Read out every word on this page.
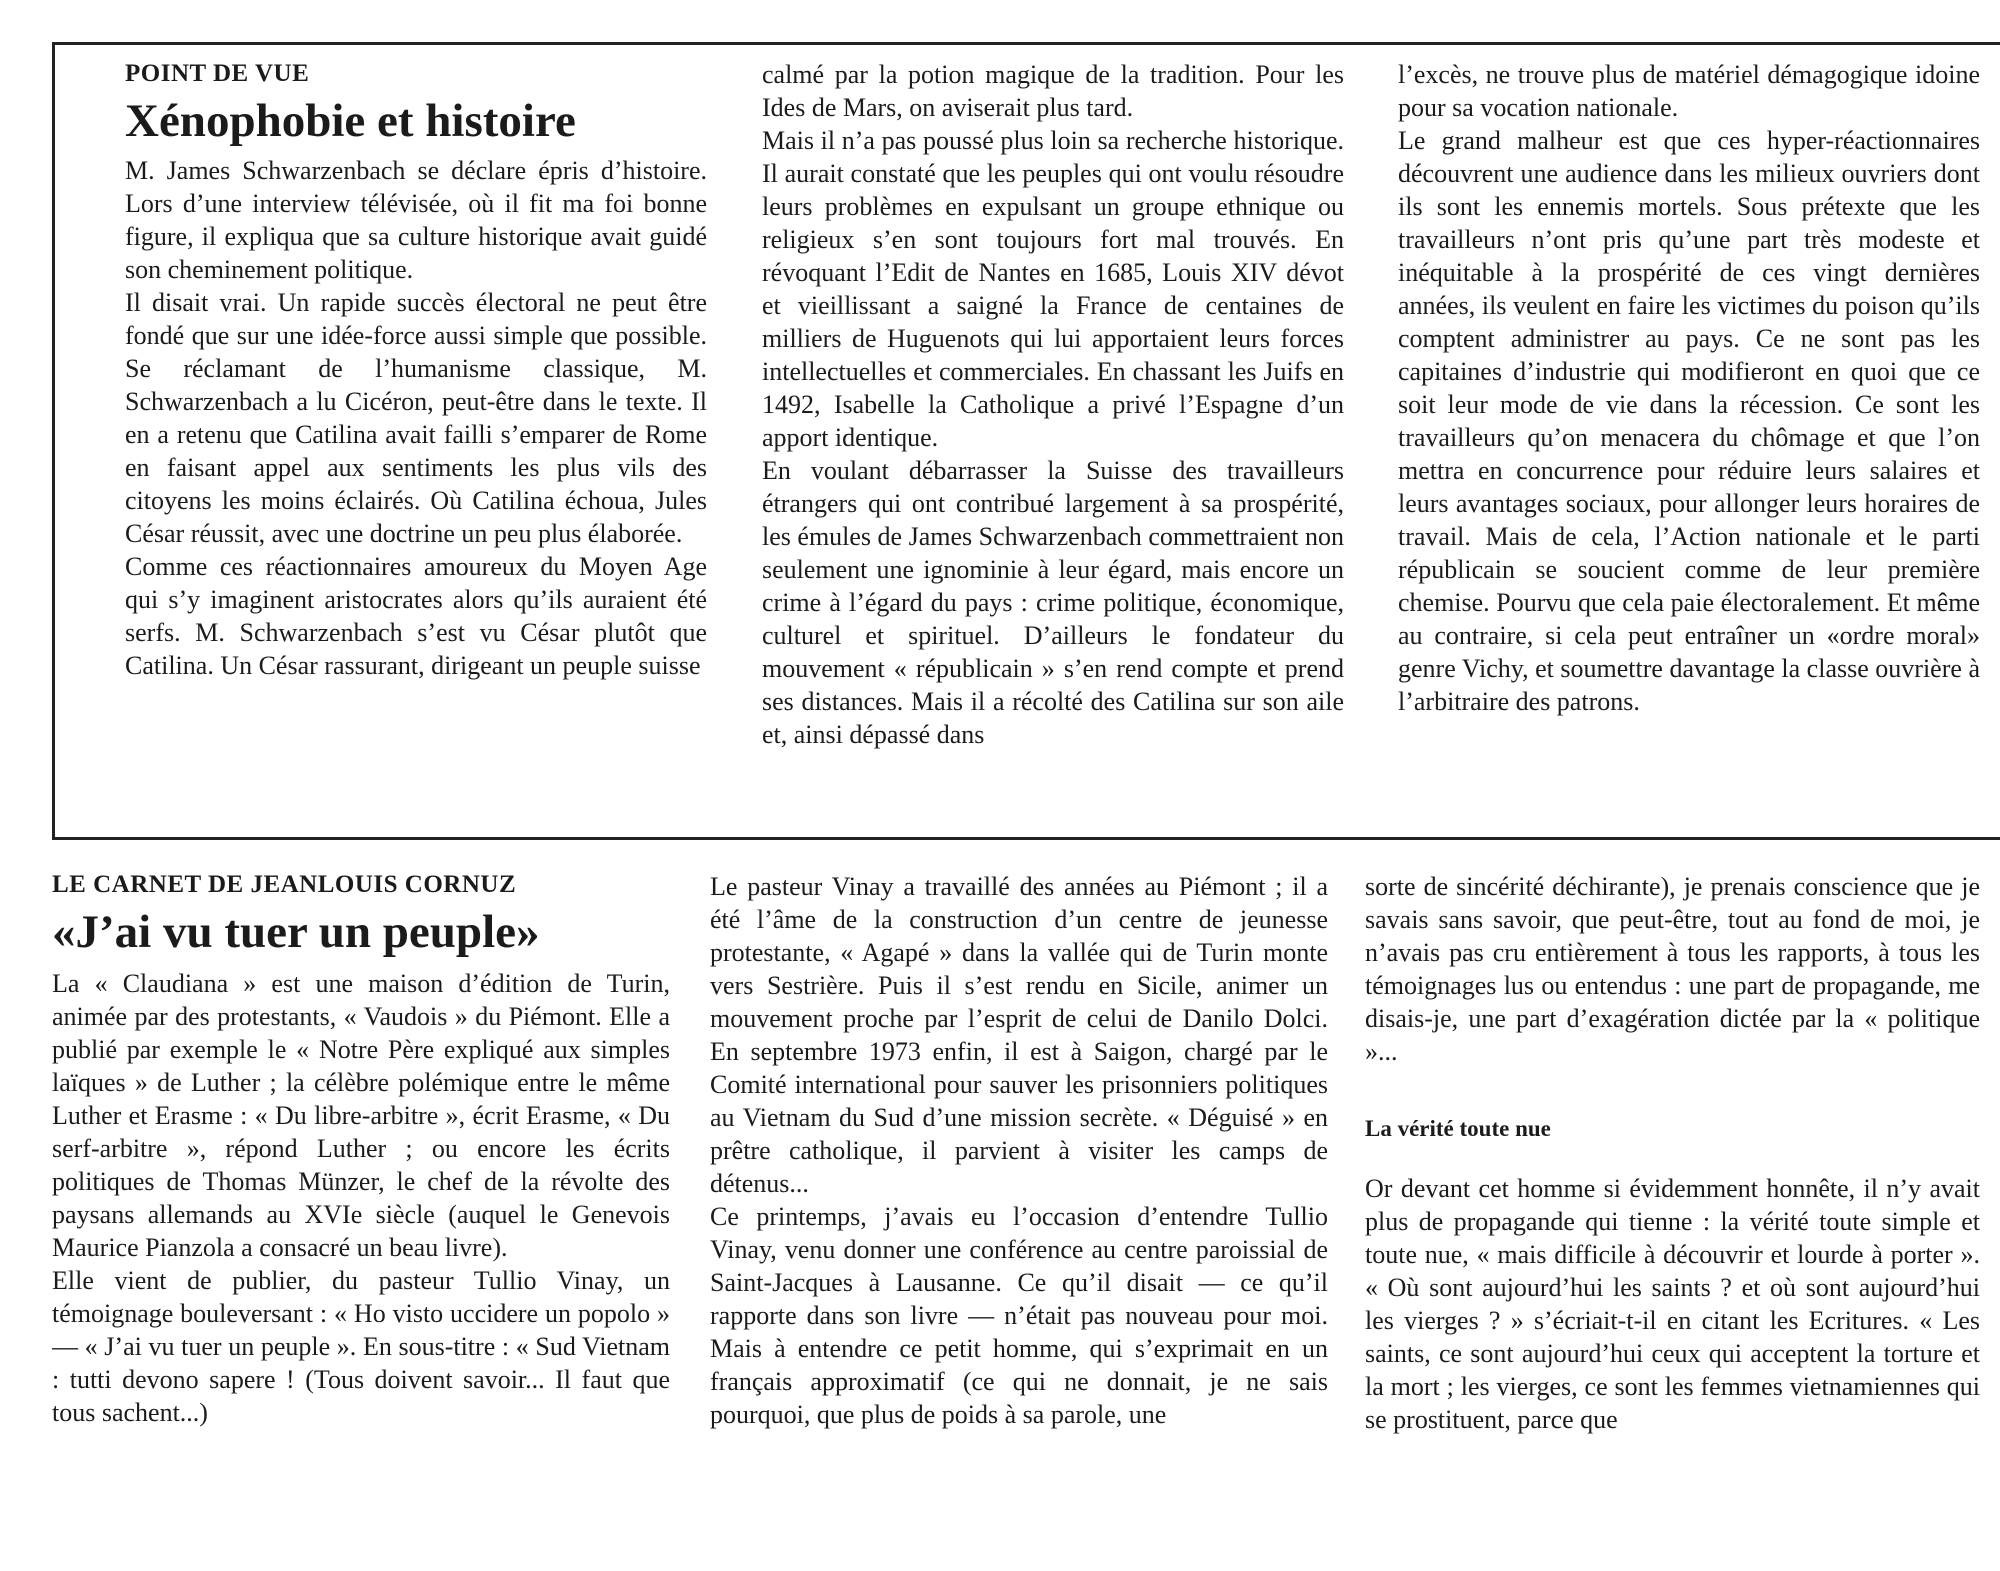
POINT DE VUE
Xénophobie et histoire

M. James Schwarzenbach se déclare épris d’histoire. Lors d’une interview télévisée, où il fit ma foi bonne figure, il expliqua que sa culture historique avait guidé son cheminement politique.

Il disait vrai. Un rapide succès électoral ne peut être fondé que sur une idée-force aussi simple que possible. Se réclamant de l’humanisme classique, M. Schwarzenbach a lu Cicéron, peut-être dans le texte. Il en a retenu que Catilina avait failli s’emparer de Rome en faisant appel aux sentiments les plus vils des citoyens les moins éclairés. Où Catilina échoua, Jules César réussit, avec une doctrine un peu plus élaborée.

Comme ces réactionnaires amoureux du Moyen Age qui s’y imaginent aristocrates alors qu’ils auraient été serfs. M. Schwarzenbach s’est vu César plutôt que Catilina. Un César rassurant, dirigeant un peuple suisse

calmé par la potion magique de la tradition. Pour les Ides de Mars, on aviserait plus tard.

Mais il n’a pas poussé plus loin sa recherche historique. Il aurait constaté que les peuples qui ont voulu résoudre leurs problèmes en expulsant un groupe ethnique ou religieux s’en sont toujours fort mal trouvés. En révoquant l’Edit de Nantes en 1685, Louis XIV dévot et vieillissant a saigné la France de centaines de milliers de Huguenots qui lui apportaient leurs forces intellectuelles et commerciales. En chassant les Juifs en 1492, Isabelle la Catholique a privé l’Espagne d’un apport identique.

En voulant débarrasser la Suisse des travailleurs étrangers qui ont contribué largement à sa prospérité, les émules de James Schwarzenbach commettraient non seulement une ignominie à leur égard, mais encore un crime à l’égard du pays : crime politique, économique, culturel et spirituel. D’ailleurs le fondateur du mouvement « républicain » s’en rend compte et prend ses distances. Mais il a récolté des Catilina sur son aile et, ainsi dépassé dans

l’excès, ne trouve plus de matériel démagogique idoine pour sa vocation nationale.

Le grand malheur est que ces hyper-réactionnaires découvrent une audience dans les milieux ouvriers dont ils sont les ennemis mortels. Sous prétexte que les travailleurs n’ont pris qu’une part très modeste et inéquitable à la prospérité de ces vingt dernières années, ils veulent en faire les victimes du poison qu’ils comptent administrer au pays. Ce ne sont pas les capitaines d’industrie qui modifieront en quoi que ce soit leur mode de vie dans la récession. Ce sont les travailleurs qu’on menacera du chômage et que l’on mettra en concurrence pour réduire leurs salaires et leurs avantages sociaux, pour allonger leurs horaires de travail. Mais de cela, l’Action nationale et le parti républicain se soucient comme de leur première chemise. Pourvu que cela paie électoralement. Et même au contraire, si cela peut entraîner un «ordre moral» genre Vichy, et soumettre davantage la classe ouvrière à l’arbitraire des patrons.

LE CARNET DE JEANLOUIS CORNUZ
«J’ai vu tuer un peuple»

La « Claudiana » est une maison d’édition de Turin, animée par des protestants, « Vaudois » du Piémont. Elle a publié par exemple le « Notre Père expliqué aux simples laïques » de Luther ; la célèbre polémique entre le même Luther et Erasme : « Du libre-arbitre », écrit Erasme, « Du serf-arbitre », répond Luther ; ou encore les écrits politiques de Thomas Münzer, le chef de la révolte des paysans allemands au XVIe siècle (auquel le Genevois Maurice Pianzola a consacré un beau livre).

Elle vient de publier, du pasteur Tullio Vinay, un témoignage bouleversant : « Ho visto uccidere un popolo » — « J’ai vu tuer un peuple ». En sous-titre : « Sud Vietnam : tutti devono sapere ! (Tous doivent savoir... Il faut que tous sachent...)

Le pasteur Vinay a travaillé des années au Piémont ; il a été l’âme de la construction d’un centre de jeunesse protestante, « Agapé » dans la vallée qui de Turin monte vers Sestrière. Puis il s’est rendu en Sicile, animer un mouvement proche par l’esprit de celui de Danilo Dolci. En septembre 1973 enfin, il est à Saigon, chargé par le Comité international pour sauver les prisonniers politiques au Vietnam du Sud d’une mission secrète. « Déguisé » en prêtre catholique, il parvient à visiter les camps de détenus...

Ce printemps, j’avais eu l’occasion d’entendre Tullio Vinay, venu donner une conférence au centre paroissial de Saint-Jacques à Lausanne. Ce qu’il disait — ce qu’il rapporte dans son livre — n’était pas nouveau pour moi. Mais à entendre ce petit homme, qui s’exprimait en un français approximatif (ce qui ne donnait, je ne sais pourquoi, que plus de poids à sa parole, une

sorte de sincérité déchirante), je prenais conscience que je savais sans savoir, que peut-être, tout au fond de moi, je n’avais pas cru entièrement à tous les rapports, à tous les témoignages lus ou entendus : une part de propagande, me disais-je, une part d’exagération dictée par la « politique »...

La vérité toute nue

Or devant cet homme si évidemment honnête, il n’y avait plus de propagande qui tienne : la vérité toute simple et toute nue, « mais difficile à découvrir et lourde à porter ». « Où sont aujourd’hui les saints ? et où sont aujourd’hui les vierges ? » s’écriait-t-il en citant les Ecritures. « Les saints, ce sont aujourd’hui ceux qui acceptent la torture et la mort ; les vierges, ce sont les femmes vietnamiennes qui se prostituent, parce que
